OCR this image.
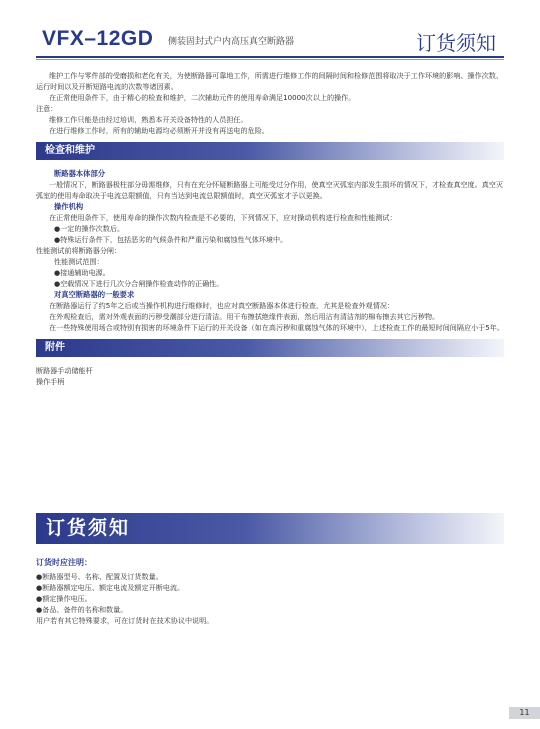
VFX–12GD 侧装固封式户内高压真空断路器	订货须知

维护工作与零件部的受磨损和老化有关，为使断路器可靠地工作，所需进行维修工作的间隔时间和检修范围将取决于工作环境的影响、操作次数、运行时间以及开断短路电流的次数等诸因素。

在正常使用条件下，由于精心的检查和维护，二次辅助元件的使用寿命满足10000次以上的操作。

注意：

维修工作只能是由经过培训，熟悉本开关设备特性的人员担任。

在进行维修工作时，所有的辅助电源均必须断开并没有再送电的危险。

检查和维护

断路器本体部分

一般情况下，断路器极柱部分毋需维修，只有在充分怀疑断路器上可能受过分作用，使真空灭弧室内部发生损坏的情况下，才检查真空度。真空灭弧室的使用寿命取决于电流总限额值，只有当达到电流总限额值时，真空灭弧室才予以更换。

操作机构

在正常使用条件下，使用寿命的操作次数内检查是不必要的，下列情况下，应对操动机构进行检查和性能测试：

●一定的操作次数后。

●特殊运行条件下，包括恶劣的气候条件和严重污染和腐蚀性气体环境中。

性能测试前将断路器分闸：

性能测试范围：

●接通辅助电源。

●空载情况下进行几次分合闸操作检查动作的正确性。

对真空断路器的一般要求

在断路器运行了约5年之后或当操作机构进行维修时，也应对真空断路器本体进行检查，尤其是检查外观情况：

在外观检查后，需对外观表面的污秽受潮部分进行清洁。用干布擦拭绝缘件表面，然后用沾有清洁剂的棉布擦去其它污秽物。

在一些特殊使用场合或特别有损害的环境条件下运行的开关设备（如在高污秽和重腐蚀气体的环境中），上述检查工作的最短时间间隔应小于5年。

附件

断路器手动储能杆

操作手柄

订货须知

订货时应注明：

●断路器型号、名称、配置及订货数量。

●断路器额定电压、额定电流及额定开断电流。

●额定操作电压。

●备品、备件的名称和数量。

用户若有其它特殊要求，可在订货时在技术协议中说明。

11
